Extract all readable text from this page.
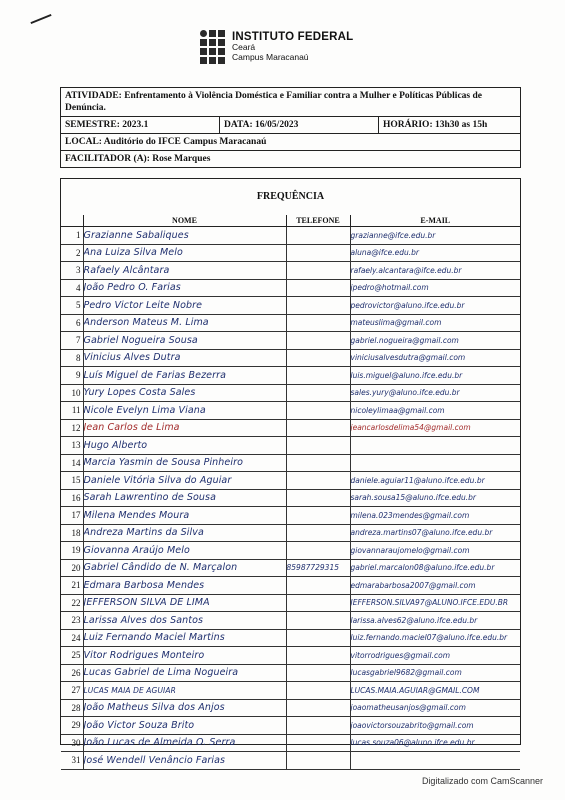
INSTITUTO FEDERAL
Ceará
Campus Maracanaú
ATIVIDADE: Enfrentamento à Violência Doméstica e Familiar contra a Mulher e Políticas Públicas de Denúncia.
SEMESTRE: 2023.1	DATA: 16/05/2023	HORÁRIO: 13h30 as 15h
LOCAL: Auditório do IFCE Campus Maracanaú
FACILITADOR (A): Rose Marques
FREQUÊNCIA
	NOME	TELEFONE	E-MAIL
1	Grazianne Sabaliques		grazianne@ifce.edu.br
2	Ana Luiza Silva Melo		aluna@ifce.edu.br
3	Rafaely Alcântara		rafaely.alcantara@ifce.edu.br
4	João Pedro O. Farias		jpedro@hotmail.com
5	Pedro Victor Leite Nobre		pedrovictor@aluno.ifce.edu.br
6	Anderson Mateus M. Lima		mateuslima@gmail.com
7	Gabriel Nogueira Sousa		gabriel.nogueira@gmail.com
8	Vinicius Alves Dutra		viniciusalvesdutra@gmail.com
9	Luís Miguel de Farias Bezerra		luis.miguel@aluno.ifce.edu.br
10	Yury Lopes Costa Sales		sales.yury@aluno.ifce.edu.br
11	Nicole Evelyn Lima Viana		nicoleylimaa@gmail.com
12	Jean Carlos de Lima		jeancarlosdelima54@gmail.com
13	Hugo Alberto		
14	Marcia Yasmin de Sousa Pinheiro		
15	Daniele Vitória Silva do Aguiar		daniele.aguiar11@aluno.ifce.edu.br
16	Sarah Lawrentino de Sousa		sarah.sousa15@aluno.ifce.edu.br
17	Milena Mendes Moura		milena.023mendes@gmail.com
18	Andreza Martins da Silva		andreza.martins07@aluno.ifce.edu.br
19	Giovanna Araújo Melo		giovannaraujomelo@gmail.com
20	Gabriel Cândido de N. Marçalon	85987729315	gabriel.marcalon08@aluno.ifce.edu.br
21	Edmara Barbosa Mendes		edmarabarbosa2007@gmail.com
22	JEFFERSON SILVA DE LIMA		JEFFERSON.SILVA97@ALUNO.IFCE.EDU.BR
23	Larissa Alves dos Santos		larissa.alves62@aluno.ifce.edu.br
24	Luiz Fernando Maciel Martins		luiz.fernando.maciel07@aluno.ifce.edu.br
25	Vitor Rodrigues Monteiro		vitorrodrigues@gmail.com
26	Lucas Gabriel de Lima Nogueira		lucasgabriel9682@gmail.com
27	LUCAS MAIA DE AGUIAR		LUCAS.MAIA.AGUIAR@GMAIL.COM
28	João Matheus Silva dos Anjos		joaomatheusanjos@gmail.com
29	João Victor Souza Brito		joaovictorsouzabrito@gmail.com
30	João Lucas de Almeida O. Serra		lucas.souza06@aluno.ifce.edu.br
31	José Wendell Venâncio Farias		
Digitalizado com CamScanner
